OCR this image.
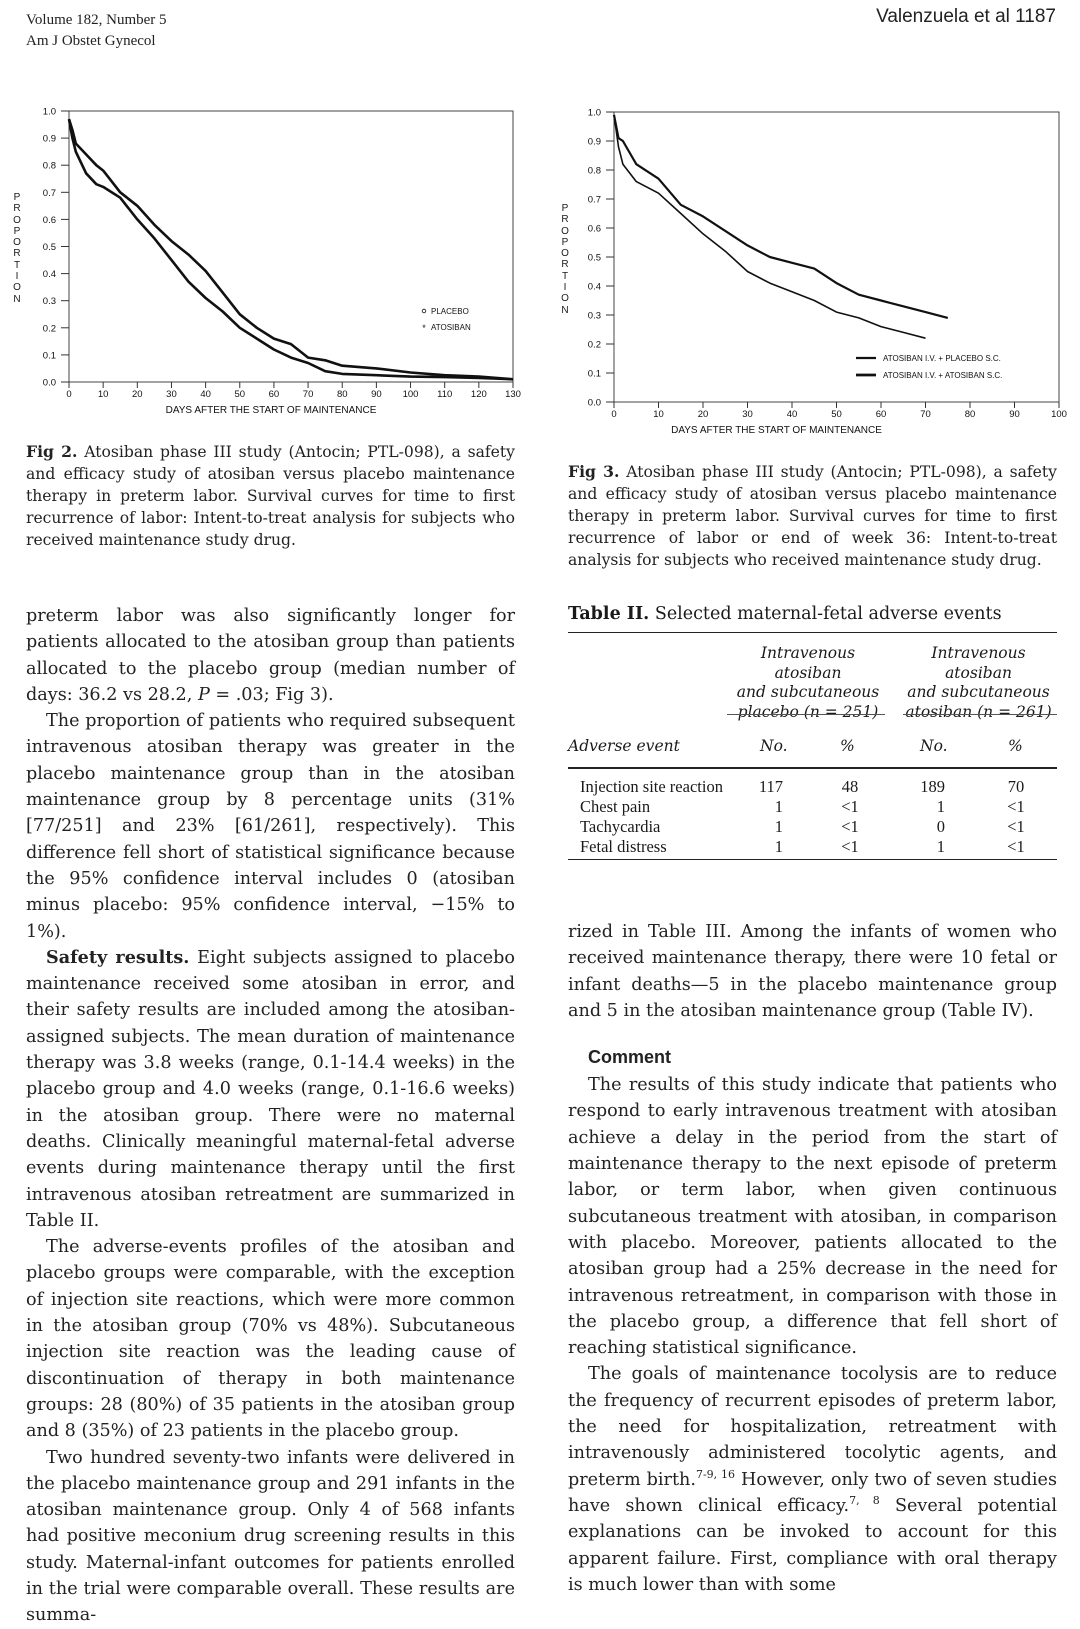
Volume 182, Number 5
Am J Obstet Gynecol
Valenzuela et al 1187
0.0
0.1
0.2
0.3
0.4
0.5
0.6
0.7
0.8
0.9
1.0
0	10 20 30 40 50 60 70 80 90 100 110 120 130
DAYS AFTER THE START OF MAINTENANCE
PLACEBO
* ATOSIBAN
P
R
O
P
O
R
T
I
O
N
0.0
0.1
0.2
0.3
0.4
0.5
0.6
0.7
0.8
0.9
1.0
0	10	20	30	40	50	60	70	80	90	100
DAYS AFTER THE START OF MAINTENANCE
ATOSIBAN I.V. + PLACEBO S.C.
ATOSIBAN I.V. + ATOSIBAN S.C.
P
R
O
P
O
R
T
I
O
N
Fig 2. Atosiban phase III study (Antocin; PTL-098), a safety and efficacy study of atosiban versus placebo maintenance therapy in preterm labor. Survival curves for time to first recurrence of labor: Intent-to-treat analysis for subjects who received maintenance study drug.
Fig 3. Atosiban phase III study (Antocin; PTL-098), a safety and efficacy study of atosiban versus placebo maintenance therapy in preterm labor. Survival curves for time to first recurrence of labor or end of week 36: Intent-to-treat analysis for subjects who received maintenance study drug.

preterm labor was also significantly longer for patients allocated to the atosiban group than patients allocated to the placebo group (median number of days: 36.2 vs 28.2, P = .03; Fig 3).

The proportion of patients who required subsequent intravenous atosiban therapy was greater in the placebo maintenance group than in the atosiban maintenance group by 8 percentage units (31% [77/251] and 23% [61/261], respectively). This difference fell short of statistical significance because the 95% confidence interval includes 0 (atosiban minus placebo: 95% confidence interval, −15% to 1%).

Safety results. Eight subjects assigned to placebo maintenance received some atosiban in error, and their safety results are included among the atosiban-assigned subjects. The mean duration of maintenance therapy was 3.8 weeks (range, 0.1-14.4 weeks) in the placebo group and 4.0 weeks (range, 0.1-16.6 weeks) in the atosiban group. There were no maternal deaths. Clinically meaningful maternal-fetal adverse events during maintenance therapy until the first intravenous atosiban retreatment are summarized in Table II.

The adverse-events profiles of the atosiban and placebo groups were comparable, with the exception of injection site reactions, which were more common in the atosiban group (70% vs 48%). Subcutaneous injection site reaction was the leading cause of discontinuation of therapy in both maintenance groups: 28 (80%) of 35 patients in the atosiban group and 8 (35%) of 23 patients in the placebo group.

Two hundred seventy-two infants were delivered in the placebo maintenance group and 291 infants in the atosiban maintenance group. Only 4 of 568 infants had positive meconium drug screening results in this study. Maternal-infant outcomes for patients enrolled in the trial were comparable overall. These results are summa-

Table II. Selected maternal-fetal adverse events
Intravenous atosiban
and subcutaneous
placebo (n = 251)
Intravenous atosiban
and subcutaneous
atosiban (n = 261)
Adverse event	No.	%	No.	%
Injection site reaction 117	48	189	70
Chest pain	1	<1	1	<1
Tachycardia	1	<1	0	<1
Fetal distress	1	<1	1	<1

rized in Table III. Among the infants of women who received maintenance therapy, there were 10 fetal or infant deaths—5 in the placebo maintenance group and 5 in the atosiban maintenance group (Table IV).

Comment

The results of this study indicate that patients who respond to early intravenous treatment with atosiban achieve a delay in the period from the start of maintenance therapy to the next episode of preterm labor, or term labor, when given continuous subcutaneous treatment with atosiban, in comparison with placebo. Moreover, patients allocated to the atosiban group had a 25% decrease in the need for intravenous retreatment, in comparison with those in the placebo group, a difference that fell short of reaching statistical significance.

The goals of maintenance tocolysis are to reduce the frequency of recurrent episodes of preterm labor, the need for hospitalization, retreatment with intravenously administered tocolytic agents, and preterm birth.$^{7-9, 16}$ However, only two of seven studies have shown clinical efficacy.$^{7, 8}$ Several potential explanations can be invoked to account for this apparent failure. First, compliance with oral therapy is much lower than with some
